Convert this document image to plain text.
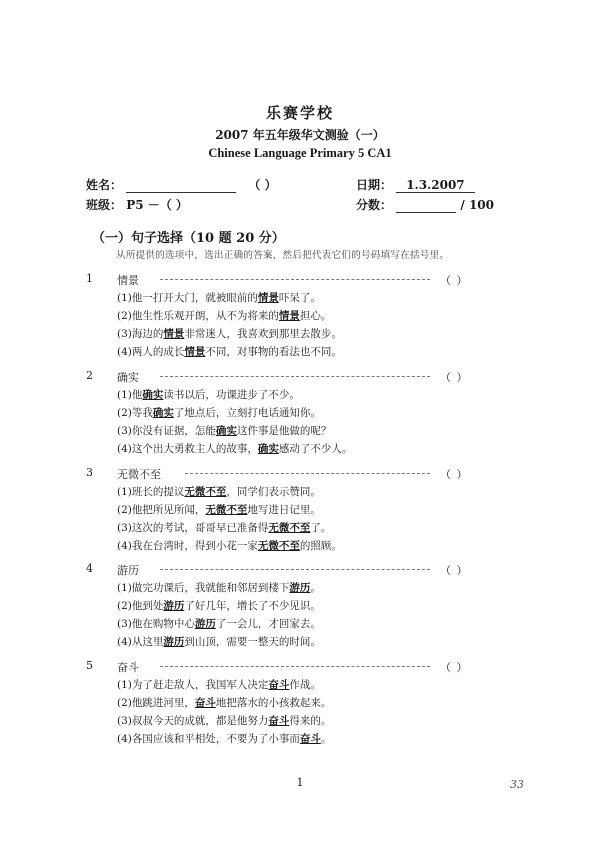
乐赛学校
2007 年五年级华文测验（一）
Chinese Language Primary 5 CA1
姓名：	（ ）	日期： 1.3.2007
班级： P5 －（ ）	分数：	/ 100
（一）句子选择（10 题 20 分）
从所提供的选项中，选出正确的答案，然后把代表它们的号码填写在括号里。
1 情景	（ ）
(1)他一打开大门，就被眼前的情景吓呆了。
(2)他生性乐观开朗，从不为将来的情景担心。
(3)海边的情景非常迷人，我喜欢到那里去散步。
(4)两人的成长情景不同，对事物的看法也不同。
2 确实	（ ）
(1)他确实读书以后，功课进步了不少。
(2)等我确实了地点后，立刻打电话通知你。
(3)你没有证据，怎能确实这件事是他做的呢？
(4)这个出大勇救主人的故事，确实感动了不少人。
3 无微不至	（ ）
(1)班长的提议无微不至，同学们表示赞同。
(2)他把所见所闻，无微不至地写进日记里。
(3)这次的考试，哥哥早已准备得无微不至了。
(4)我在台湾时，得到小花一家无微不至的照顾。
4 游历	（ ）
(1)做完功课后，我就能和邻居到楼下游历。
(2)他到处游历了好几年，增长了不少见识。
(3)他在购物中心游历了一会儿，才回家去。
(4)从这里游历到山顶，需要一整天的时间。
5 奋斗	（ ）
(1)为了赶走敌人，我国军人决定奋斗作战。
(2)他跳进河里，奋斗地把落水的小孩救起来。
(3)叔叔今天的成就，都是他努力奋斗得来的。
(4)各国应该和平相处，不要为了小事而奋斗。
1	33
